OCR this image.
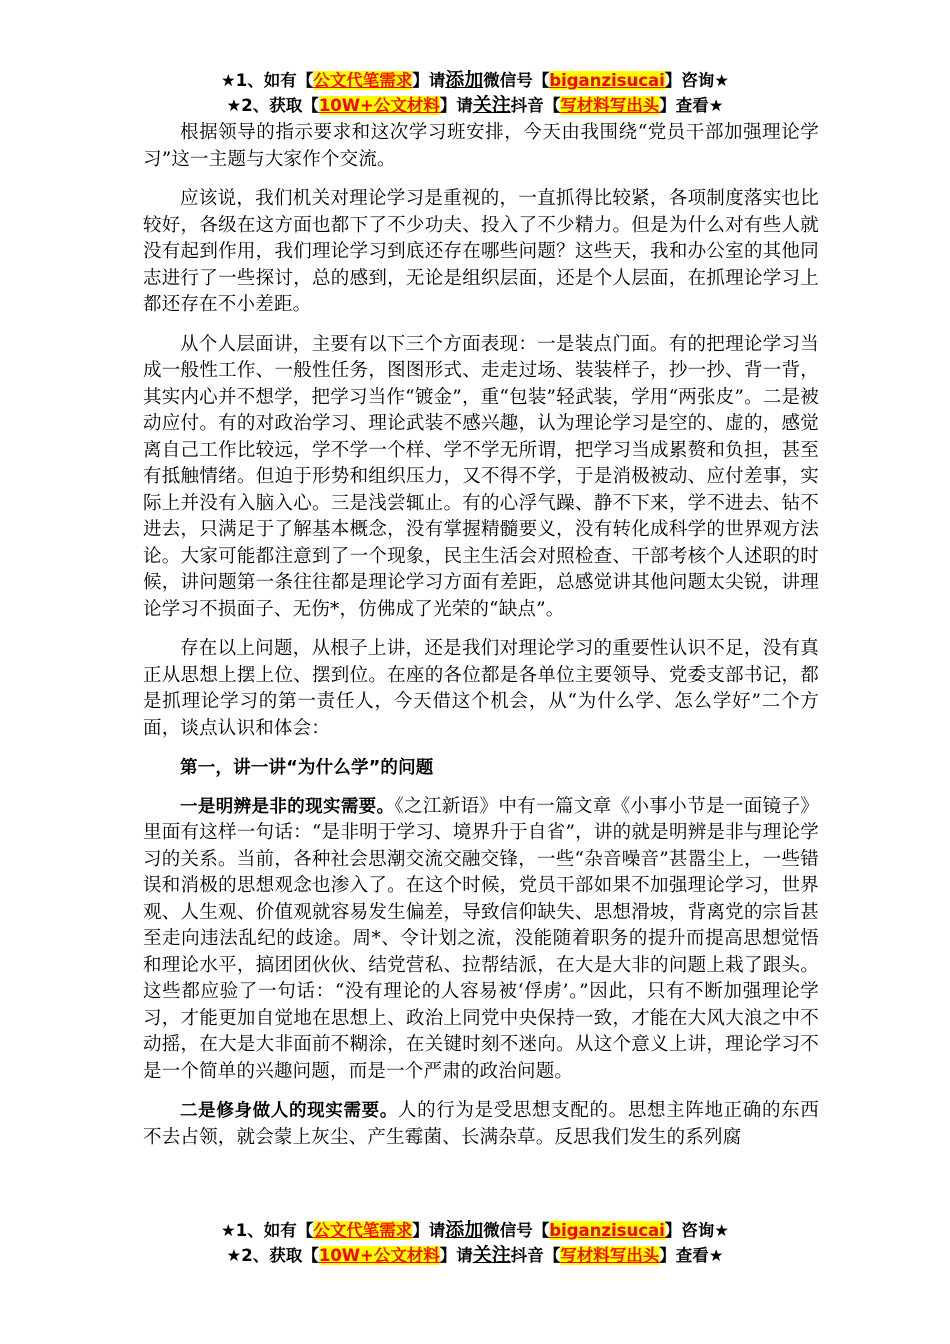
★1、如有【公文代笔需求】请添加微信号【biganzisucai】咨询★
★2、获取【10W+公文材料】请关注抖音【写材料写出头】查看★

根据领导的指示要求和这次学习班安排，今天由我围绕“党员干部加强理论学习”这一主题与大家作个交流。

应该说，我们机关对理论学习是重视的，一直抓得比较紧，各项制度落实也比较好，各级在这方面也都下了不少功夫、投入了不少精力。但是为什么对有些人就没有起到作用，我们理论学习到底还存在哪些问题？这些天，我和办公室的其他同志进行了一些探讨，总的感到，无论是组织层面，还是个人层面，在抓理论学习上都还存在不小差距。

从个人层面讲，主要有以下三个方面表现：一是装点门面。有的把理论学习当成一般性工作、一般性任务，图图形式、走走过场、装装样子，抄一抄、背一背，其实内心并不想学，把学习当作“镀金”，重“包装”轻武装，学用“两张皮”。二是被动应付。有的对政治学习、理论武装不感兴趣，认为理论学习是空的、虚的，感觉离自己工作比较远，学不学一个样、学不学无所谓，把学习当成累赘和负担，甚至有抵触情绪。但迫于形势和组织压力，又不得不学，于是消极被动、应付差事，实际上并没有入脑入心。三是浅尝辄止。有的心浮气躁、静不下来，学不进去、钻不进去，只满足于了解基本概念，没有掌握精髓要义，没有转化成科学的世界观方法论。大家可能都注意到了一个现象，民主生活会对照检查、干部考核个人述职的时候，讲问题第一条往往都是理论学习方面有差距，总感觉讲其他问题太尖锐，讲理论学习不损面子、无伤*，仿佛成了光荣的“缺点”。

存在以上问题，从根子上讲，还是我们对理论学习的重要性认识不足，没有真正从思想上摆上位、摆到位。在座的各位都是各单位主要领导、党委支部书记，都是抓理论学习的第一责任人，今天借这个机会，从“为什么学、怎么学好”二个方面，谈点认识和体会：

第一，讲一讲“为什么学”的问题

一是明辨是非的现实需要。《之江新语》中有一篇文章《小事小节是一面镜子》里面有这样一句话：“是非明于学习、境界升于自省”，讲的就是明辨是非与理论学习的关系。当前，各种社会思潮交流交融交锋，一些“杂音噪音”甚嚣尘上，一些错误和消极的思想观念也渗入了。在这个时候，党员干部如果不加强理论学习，世界观、人生观、价值观就容易发生偏差，导致信仰缺失、思想滑坡，背离党的宗旨甚至走向违法乱纪的歧途。周*、令计划之流，没能随着职务的提升而提高思想觉悟和理论水平，搞团团伙伙、结党营私、拉帮结派，在大是大非的问题上栽了跟头。这些都应验了一句话：“没有理论的人容易被‘俘虏’。”因此，只有不断加强理论学习，才能更加自觉地在思想上、政治上同党中央保持一致，才能在大风大浪之中不动摇，在大是大非面前不糊涂，在关键时刻不迷向。从这个意义上讲，理论学习不是一个简单的兴趣问题，而是一个严肃的政治问题。

二是修身做人的现实需要。人的行为是受思想支配的。思想主阵地正确的东西不去占领，就会蒙上灰尘、产生霉菌、长满杂草。反思我们发生的系列腐

★1、如有【公文代笔需求】请添加微信号【biganzisucai】咨询★
★2、获取【10W+公文材料】请关注抖音【写材料写出头】查看★
